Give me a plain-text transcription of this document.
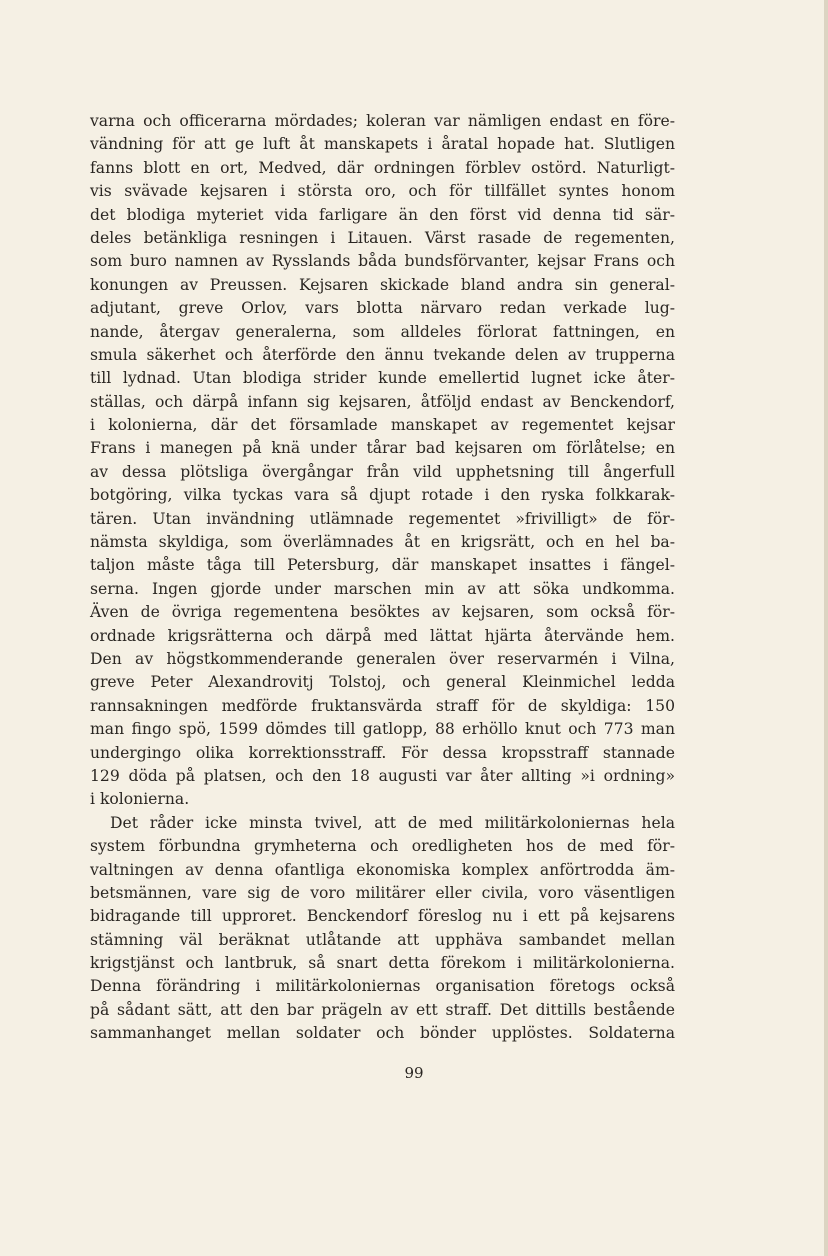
varna och officerarna mördades; koleran var nämligen endast en före-
vändning för att ge luft åt manskapets i åratal hopade hat. Slutligen
fanns blott en ort, Medved, där ordningen förblev ostörd. Naturligt-
vis svävade kejsaren i största oro, och för tillfället syntes honom
det blodiga myteriet vida farligare än den först vid denna tid sär-
deles betänkliga resningen i Litauen. Värst rasade de regementen,
som buro namnen av Rysslands båda bundsförvanter, kejsar Frans och
konungen av Preussen. Kejsaren skickade bland andra sin general-
adjutant, greve Orlov, vars blotta närvaro redan verkade lug-
nande, återgav generalerna, som alldeles förlorat fattningen, en
smula säkerhet och återförde den ännu tvekande delen av trupperna
till lydnad. Utan blodiga strider kunde emellertid lugnet icke åter-
ställas, och därpå infann sig kejsaren, åtföljd endast av Benckendorf,
i kolonierna, där det församlade manskapet av regementet kejsar
Frans i manegen på knä under tårar bad kejsaren om förlåtelse; en
av dessa plötsliga övergångar från vild upphetsning till ångerfull
botgöring, vilka tyckas vara så djupt rotade i den ryska folkkarak-
tären. Utan invändning utlämnade regementet »frivilligt» de för-
nämsta skyldiga, som överlämnades åt en krigsrätt, och en hel ba-
taljon måste tåga till Petersburg, där manskapet insattes i fängel-
serna. Ingen gjorde under marschen min av att söka undkomma.
Även de övriga regementena besöktes av kejsaren, som också för-
ordnade krigsrätterna och därpå med lättat hjärta återvände hem.
Den av högstkommenderande generalen över reservarmén i Vilna,
greve Peter Alexandrovitj Tolstoj, och general Kleinmichel ledda
rannsakningen medförde fruktansvärda straff för de skyldiga: 150
man fingo spö, 1599 dömdes till gatlopp, 88 erhöllo knut och 773 man
undergingo olika korrektionsstraff. För dessa kropsstraff stannade
129 döda på platsen, och den 18 augusti var åter allting »i ordning»
i kolonierna.
Det råder icke minsta tvivel, att de med militärkoloniernas hela
system förbundna grymheterna och oredligheten hos de med för-
valtningen av denna ofantliga ekonomiska komplex anförtrodda äm-
betsmännen, vare sig de voro militärer eller civila, voro väsentligen
bidragande till upproret. Benckendorf föreslog nu i ett på kejsarens
stämning väl beräknat utlåtande att upphäva sambandet mellan
krigstjänst och lantbruk, så snart detta förekom i militärkolonierna.
Denna förändring i militärkoloniernas organisation företogs också
på sådant sätt, att den bar prägeln av ett straff. Det dittills bestående
sammanhanget mellan soldater och bönder upplöstes. Soldaterna
99
